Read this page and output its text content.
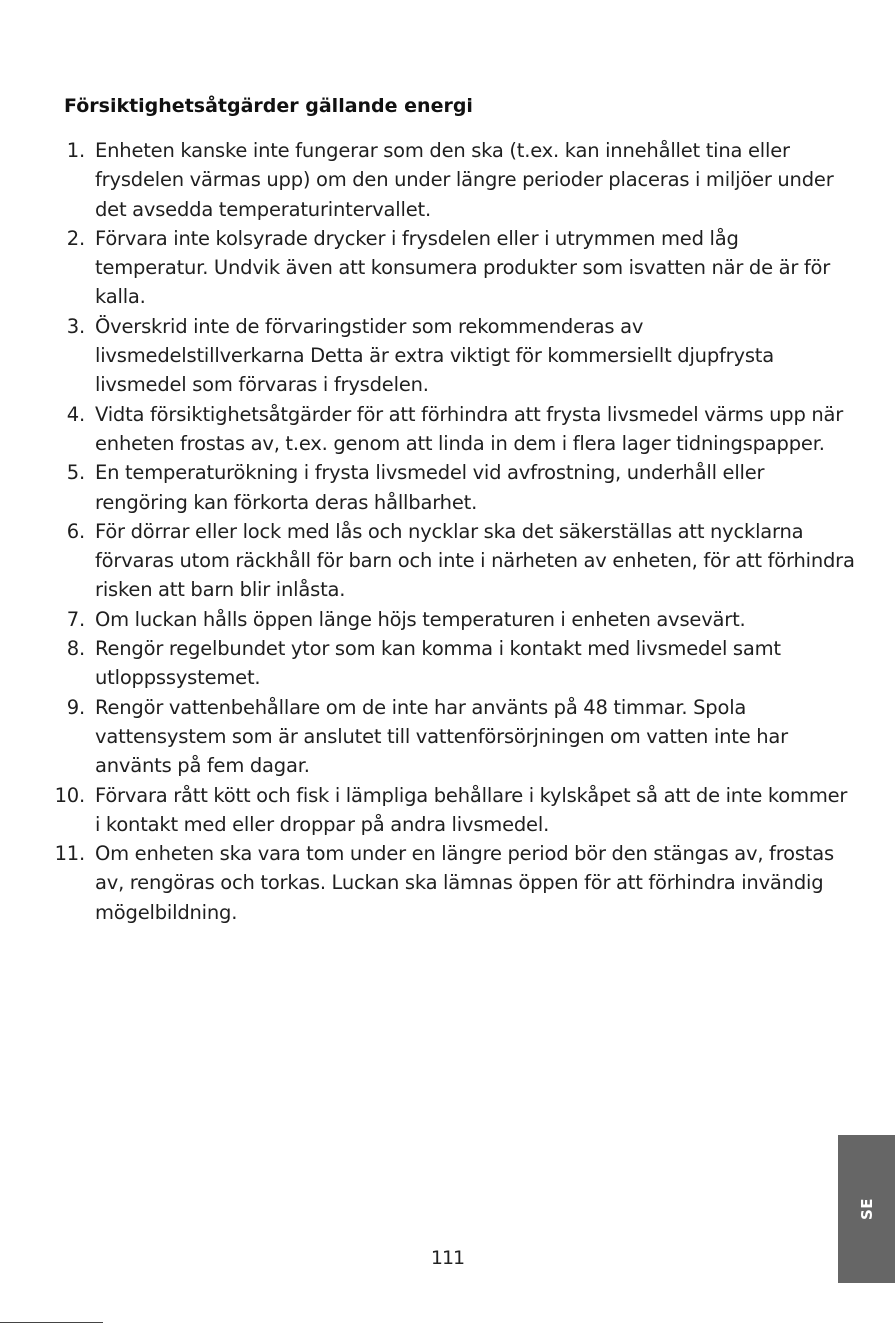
Försiktighetsåtgärder gällande energi
1. Enheten kanske inte fungerar som den ska (t.ex. kan innehållet tina eller frysdelen värmas upp) om den under längre perioder placeras i miljöer under det avsedda temperaturintervallet.
2. Förvara inte kolsyrade drycker i frysdelen eller i utrymmen med låg temperatur. Undvik även att konsumera produkter som isvatten när de är för kalla.
3. Överskrid inte de förvaringstider som rekommenderas av livsmedelstillverkarna Detta är extra viktigt för kommersiellt djupfrysta livsmedel som förvaras i frysdelen.
4. Vidta försiktighetsåtgärder för att förhindra att frysta livsmedel värms upp när enheten frostas av, t.ex. genom att linda in dem i flera lager tidningspapper.
5. En temperaturökning i frysta livsmedel vid avfrostning, underhåll eller rengöring kan förkorta deras hållbarhet.
6. För dörrar eller lock med lås och nycklar ska det säkerställas att nycklarna förvaras utom räckhåll för barn och inte i närheten av enheten, för att förhindra risken att barn blir inlåsta.
7. Om luckan hålls öppen länge höjs temperaturen i enheten avsevärt.
8. Rengör regelbundet ytor som kan komma i kontakt med livsmedel samt utloppssystemet.
9. Rengör vattenbehållare om de inte har använts på 48 timmar. Spola vattensystem som är anslutet till vattenförsörjningen om vatten inte har använts på fem dagar.
10. Förvara rått kött och fisk i lämpliga behållare i kylskåpet så att de inte kommer i kontakt med eller droppar på andra livsmedel.
11. Om enheten ska vara tom under en längre period bör den stängas av, frostas av, rengöras och torkas. Luckan ska lämnas öppen för att förhindra invändig mögelbildning.
111
SE
